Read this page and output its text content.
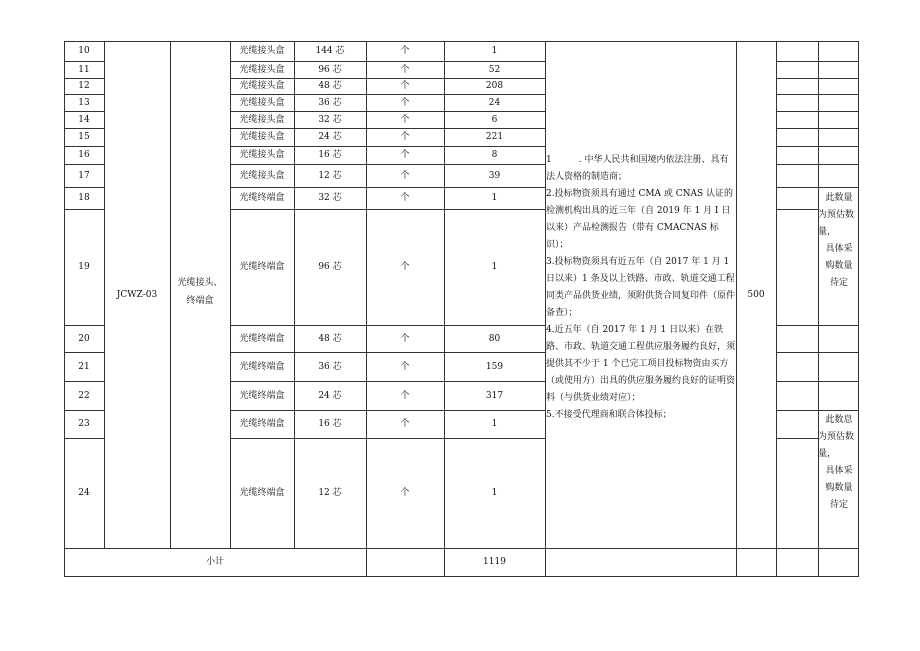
10	光缆接头盒	144 芯	个	1
11	光缆接头盒	96 芯	个	52
12	光缆接头盒	48 芯	个	208
13	光缆接头盒	36 芯	个	24
14	光缆接头盒	32 芯	个	6
15	光缆接头盒	24 芯	个	221
16	光缆接头盒	16 芯	个	8
17	光缆接头盒	12 芯	个	39
18	光缆终端盒	32 芯	个	1
19	光缆终端盒	96 芯	个	1
20	光缆终端盒	48 芯	个	80
21	光缆终端盒	36 芯	个	159
22	光缆终端盒	24 芯	个	317
23	光缆终端盒	16 芯	个	1
24	光缆终端盒	12 芯	个	1
JCWZ-03
光缆接头、
终端盒
500
1　　　. 中华人民共和国境内依法注册、具有法人资格的制造商；
2.投标物资须具有通过 CMA 或 CNAS 认证的检测机构出具的近三年（自 2019 年 1 月 I 日以来）产品检测报告（带有 CMACNAS 标识）；
3.投标物资须具有近五年（自 2017 年 1 月 1 日以来）1 条及以上铁路、市政、轨道交通工程同类产品供货业绩，须附供货合同复印件（原件备查）；
4.近五年（自 2017 年 1 月 1 日以来）在铁路、市政、轨道交通工程供应服务履约良好，须提供其不少于 1 个已完工项目投标物资由买方（或使用方）出具的供应服务履约良好的证明资料（与供货业绩对应）；
5.不接受代理商和联合体投标；
此数量
为预估数
量，
具体采
购数量
待定
此数息
为预估数
量，
具体采
购数量
待定
小计	1119
